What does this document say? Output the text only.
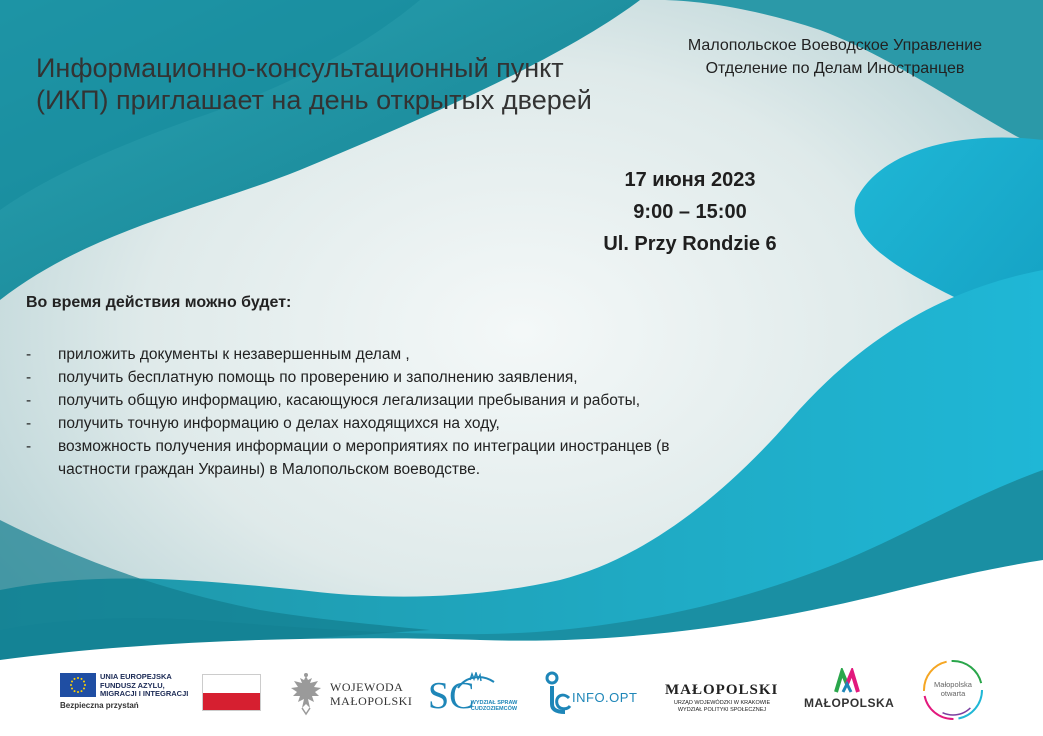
Информационно-консультационный пункт (ИКП) приглашает на день открытых дверей
Малопольское Воеводское Управление
Отделение по Делам Иностранцев
17 июня 2023
9:00 – 15:00
Ul. Przy Rondzie 6
Во время действия можно будет:
- приложить документы к незавершенным делам ,
- получить бесплатную помощь по проверению и заполнению заявления,
- получить общую информацию, касающуюся легализации пребывания и работы,
- получить точную информацию о делах находящихся на ходу,
- возможность получения информации о мероприятиях по интеграции иностранцев (в частности граждан Украины) в Малопольском воеводстве.
UNIA EUROPEJSKA
FUNDUSZ AZYLU,
MIGRACJI I INTEGRACJI
Bezpieczna przystań
WOJEWODA
MAŁOPOLSKI SC
WYDZIAŁ SPRAW
CUDZOZIEMCÓW
INFO.OPT MAŁOPOLSKI
URZĄD WOJEWÓDZKI W KRAKOWIE
WYDZIAŁ POLITYKI SPOŁECZNEJ	MAŁOPOLSKA
Małopolska
otwarta
